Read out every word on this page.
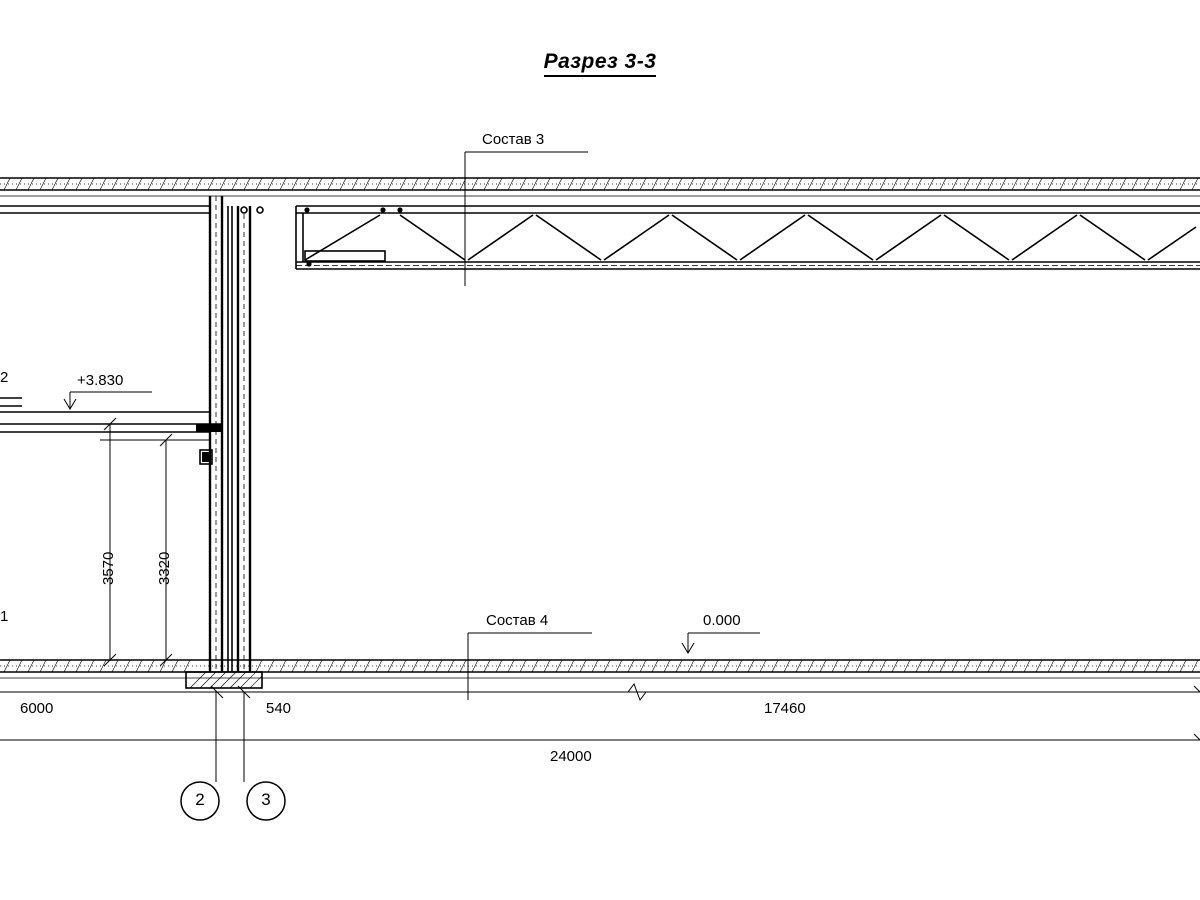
Разрез 3-3
Состав 3
Состав 4
+3.830
0.000
2
1
3570	3320
6000	540	17460
24000
2	3
